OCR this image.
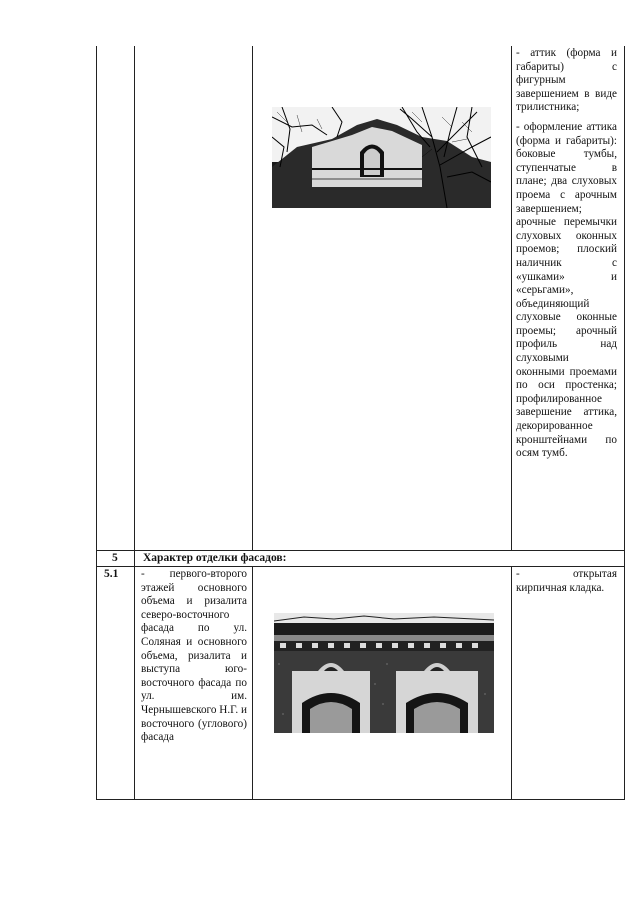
- аттик (форма и габариты) с фигурным завершением в виде трилистника;

- оформление аттика (форма и габариты): боковые тумбы, ступенчатые в плане; два слуховых проема с арочным завершением; арочные перемычки слуховых оконных проемов; плоский наличник с «ушками» и «серьгами», объединяющий слуховые оконные проемы; арочный профиль над слуховыми оконными проемами по оси простенка; профилированное завершение аттика, декорированное кронштейнами по осям тумб.

5 Характер отделки фасадов:
5.1 - первого-второго этажей основного объема и ризалита северо-восточного фасада по ул. Соляная и основного объема, ризалита и выступа юго-восточного фасада по ул. им. Чернышевского Н.Г. и восточного (углового) фасада

- открытая кирпичная кладка.
